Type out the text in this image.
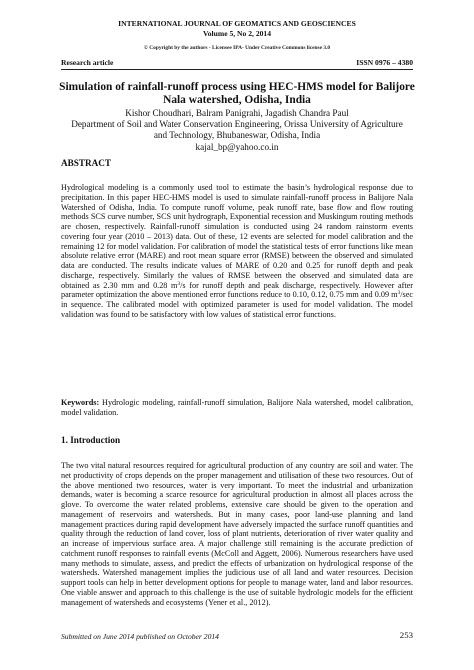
INTERNATIONAL JOURNAL OF GEOMATICS AND GEOSCIENCES
Volume 5, No 2, 2014
© Copyright by the authors - Licensee IPA- Under Creative Commons license 3.0
Research article	ISSN 0976 – 4380
Simulation of rainfall-runoff process using HEC-HMS model for Balijore
Nala watershed, Odisha, India
Kishor Choudhari, Balram Panigrahi, Jagadish Chandra Paul
Department of Soil and Water Conservation Engineering, Orissa University of Agriculture
and Technology, Bhubaneswar, Odisha, India
kajal_bp@yahoo.co.in
ABSTRACT

Hydrological modeling is a commonly used tool to estimate the basin’s hydrological response due to precipitation. In this paper HEC-HMS model is used to simulate rainfall-runoff process in Balijore Nala Watershed of Odisha, India. To compute runoff volume, peak runoff rate, base flow and flow routing methods SCS curve number, SCS unit hydrograph, Exponential recession and Muskingum routing methods are chosen, respectively. Rainfall-runoff simulation is conducted using 24 random rainstorm events covering four year (2010 – 2013) data. Out of these, 12 events are selected for model calibration and the remaining 12 for model validation. For calibration of model the statistical tests of error functions like mean absolute relative error (MARE) and root mean square error (RMSE) between the observed and simulated data are conducted. The results indicate values of MARE of 0.20 and 0.25 for runoff depth and peak discharge, respectively. Similarly the values of RMSE between the observed and simulated data are obtained as 2.30 mm and 0.28 $m^3/s$ for runoff depth and peak discharge, respectively. However after parameter optimization the above mentioned error functions reduce to 0.10, 0.12, 0.75 mm and 0.09 $m^3/\sec$ in sequence. The calibrated model with optimized parameter is used for model validation. The model validation was found to be satisfactory with low values of statistical error functions.

Keywords: Hydrologic modeling, rainfall-runoff simulation, Balijore Nala watershed, model calibration, model validation.

1. Introduction

The two vital natural resources required for agricultural production of any country are soil and water. The net productivity of crops depends on the proper management and utilisation of these two resources. Out of the above mentioned two resources, water is very important. To meet the industrial and urbanization demands, water is becoming a scarce resource for agricultural production in almost all places across the glove. To overcome the water related problems, extensive care should be given to the operation and management of reservoirs and watersheds. But in many cases, poor land-use planning and land management practices during rapid development have adversely impacted the surface runoff quantities and quality through the reduction of land cover, loss of plant nutrients, deterioration of river water quality and an increase of impervious surface area. A major challenge still remaining is the accurate prediction of catchment runoff responses to rainfall events (McColl and Aggett, 2006). Numerous researchers have used many methods to simulate, assess, and predict the effects of urbanization on hydrological response of the watersheds. Watershed management implies the judicious use of all land and water resources. Decision support tools can help in better development options for people to manage water, land and labor resources. One viable answer and approach to this challenge is the use of suitable hydrologic models for the efficient management of watersheds and ecosystems (Yener et al., 2012).

Submitted on June 2014 published on October 2014	253
